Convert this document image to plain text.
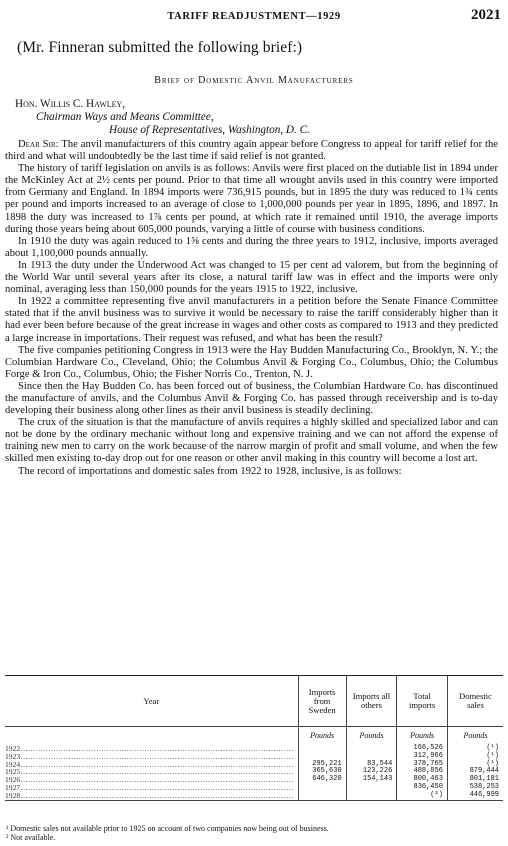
TARIFF READJUSTMENT—1929	2021
(Mr. Finneran submitted the following brief:)
Brief of Domestic Anvil Manufacturers
Hon. Willis C. Hawley,
Chairman Ways and Means Committee,
House of Representatives, Washington, D. C.

Dear Sir: The anvil manufacturers of this country again appear before Congress to appeal for tariff relief for the third and what will undoubtedly be the last time if said relief is not granted.

The history of tariff legislation on anvils is as follows: Anvils were first placed on the dutiable list in 1894 under the McKinley Act at 2½ cents per pound. Prior to that time all wrought anvils used in this country were imported from Germany and England. In 1894 imports were 736,915 pounds, but in 1895 the duty was reduced to 1¾ cents per pound and imports increased to an average of close to 1,000,000 pounds per year in 1895, 1896, and 1897. In 1898 the duty was increased to 1⅞ cents per pound, at which rate it remained until 1910, the average imports during those years being about 605,000 pounds, varying a little of course with business conditions.

In 1910 the duty was again reduced to 1⅝ cents and during the three years to 1912, inclusive, imports averaged about 1,100,000 pounds annually.

In 1913 the duty under the Underwood Act was changed to 15 per cent ad valorem, but from the beginning of the World War until several years after its close, a natural tariff law was in effect and the imports were only nominal, averaging less than 150,000 pounds for the years 1915 to 1922, inclusive.

In 1922 a committee representing five anvil manufacturers in a petition before the Senate Finance Committee stated that if the anvil business was to survive it would be necessary to raise the tariff considerably higher than it had ever been before because of the great increase in wages and other costs as compared to 1913 and they predicted a large increase in importations. Their request was refused, and what has been the result?

The five companies petitioning Congress in 1913 were the Hay Budden Manufacturing Co., Brooklyn, N. Y.; the Columbian Hardware Co., Cleveland, Ohio; the Columbus Anvil & Forging Co., Columbus, Ohio; the Columbus Forge & Iron Co., Columbus, Ohio; the Fisher Norris Co., Trenton, N. J.

Since then the Hay Budden Co. has been forced out of business, the Columbian Hardware Co. has discontinued the manufacture of anvils, and the Columbus Anvil & Forging Co. has passed through receivership and is to-day developing their business along other lines as their anvil business is steadily declining.

The crux of the situation is that the manufacture of anvils requires a highly skilled and specialized labor and can not be done by the ordinary mechanic without long and expensive training and we can not afford the expense of training new men to carry on the work because of the narrow margin of profit and small volume, and when the few skilled men existing to-day drop out for one reason or other anvil making in this country will become a lost art.

The record of importations and domestic sales from 1922 to 1928, inclusive, is as follows:

Year	Imports from Sweden	Imports all others	Total imports	Domestic sales
	Pounds	Pounds	Pounds	Pounds
1922………………………………………………………………………………………………			166,526	(¹)
1923………………………………………………………………………………………………			312,966	(¹)
1924………………………………………………………………………………………………	295,221	83,544	378,765	(¹)
1925………………………………………………………………………………………………	365,630	123,226	488,856	879,444
1926………………………………………………………………………………………………	646,320	154,143	800,463	801,181
1927………………………………………………………………………………………………			836,450	538,253
1928………………………………………………………………………………………………			(²)	446,999
¹ Domestic sales not available prior to 1925 on account of two companies now being out of business.
² Not available.
